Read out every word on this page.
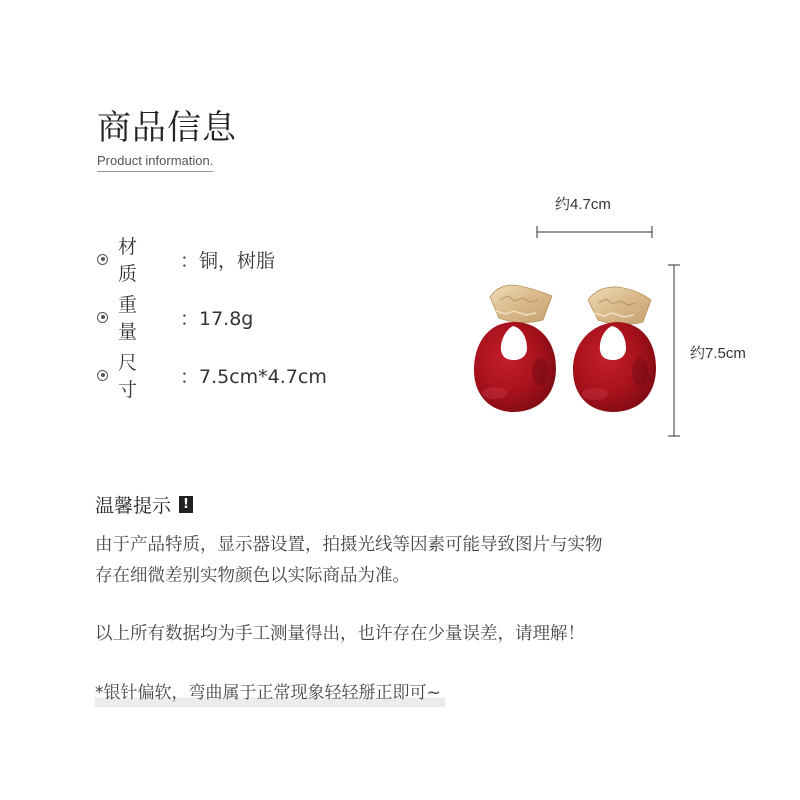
商品信息
Product information.
材质
：铜，树脂
重量
：17.8g
尺寸
：7.5cm*4.7cm
约4.7cm
约7.5cm
温馨提示 !

由于产品特质，显示器设置，拍摄光线等因素可能导致图片与实物
存在细微差别实物颜色以实际商品为准。

以上所有数据均为手工测量得出，也许存在少量误差，请理解！

*银针偏软，弯曲属于正常现象轻轻掰正即可~
